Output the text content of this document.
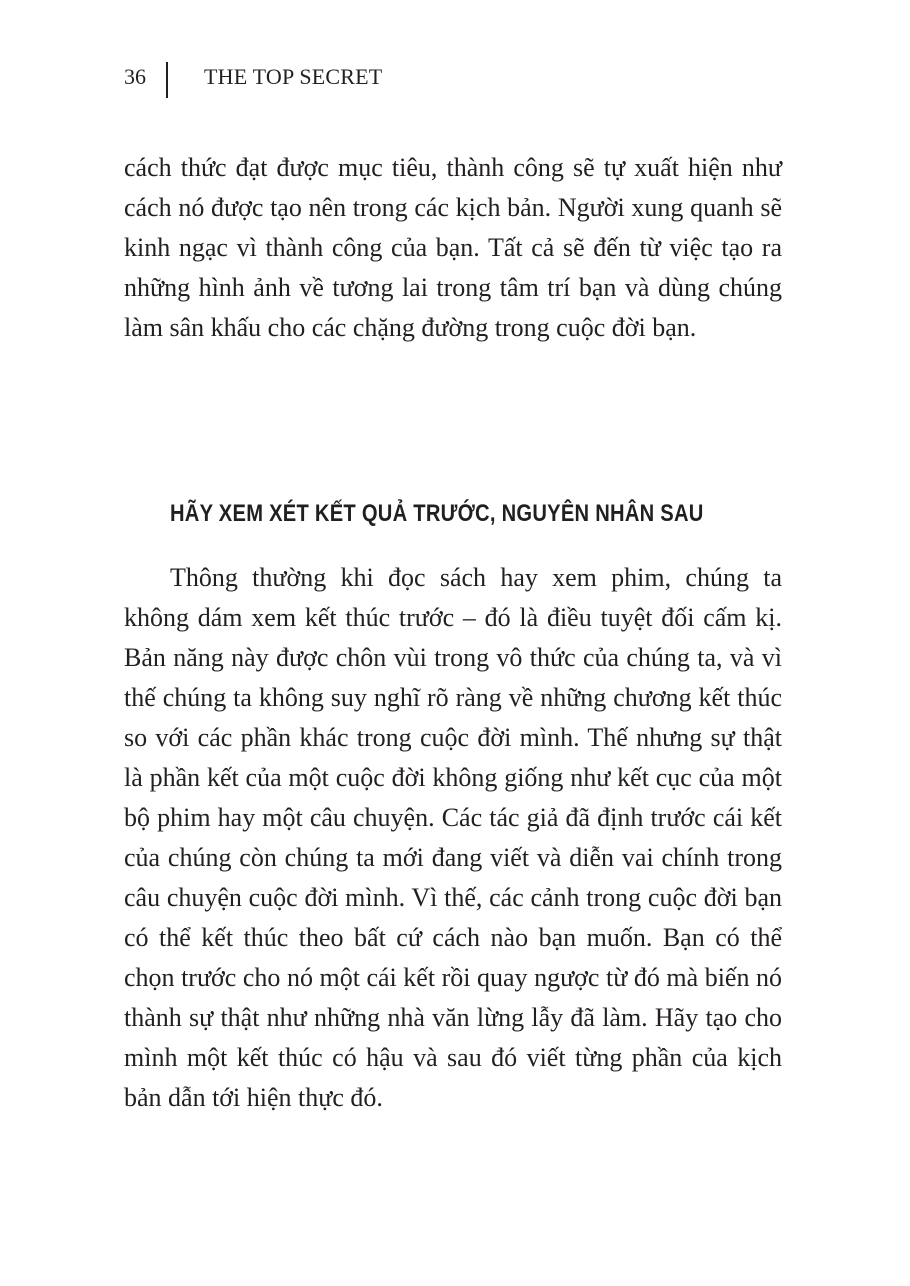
36	THE TOP SECRET

cách thức đạt được mục tiêu, thành công sẽ tự xuất hiện như cách nó được tạo nên trong các kịch bản. Người xung quanh sẽ kinh ngạc vì thành công của bạn. Tất cả sẽ đến từ việc tạo ra những hình ảnh về tương lai trong tâm trí bạn và dùng chúng làm sân khấu cho các chặng đường trong cuộc đời bạn.

HÃY XEM XÉT KẾT QUẢ TRƯỚC, NGUYÊN NHÂN SAU

Thông thường khi đọc sách hay xem phim, chúng ta không dám xem kết thúc trước – đó là điều tuyệt đối cấm kị. Bản năng này được chôn vùi trong vô thức của chúng ta, và vì thế chúng ta không suy nghĩ rõ ràng về những chương kết thúc so với các phần khác trong cuộc đời mình. Thế nhưng sự thật là phần kết của một cuộc đời không giống như kết cục của một bộ phim hay một câu chuyện. Các tác giả đã định trước cái kết của chúng còn chúng ta mới đang viết và diễn vai chính trong câu chuyện cuộc đời mình. Vì thế, các cảnh trong cuộc đời bạn có thể kết thúc theo bất cứ cách nào bạn muốn. Bạn có thể chọn trước cho nó một cái kết rồi quay ngược từ đó mà biến nó thành sự thật như những nhà văn lừng lẫy đã làm. Hãy tạo cho mình một kết thúc có hậu và sau đó viết từng phần của kịch bản dẫn tới hiện thực đó.
